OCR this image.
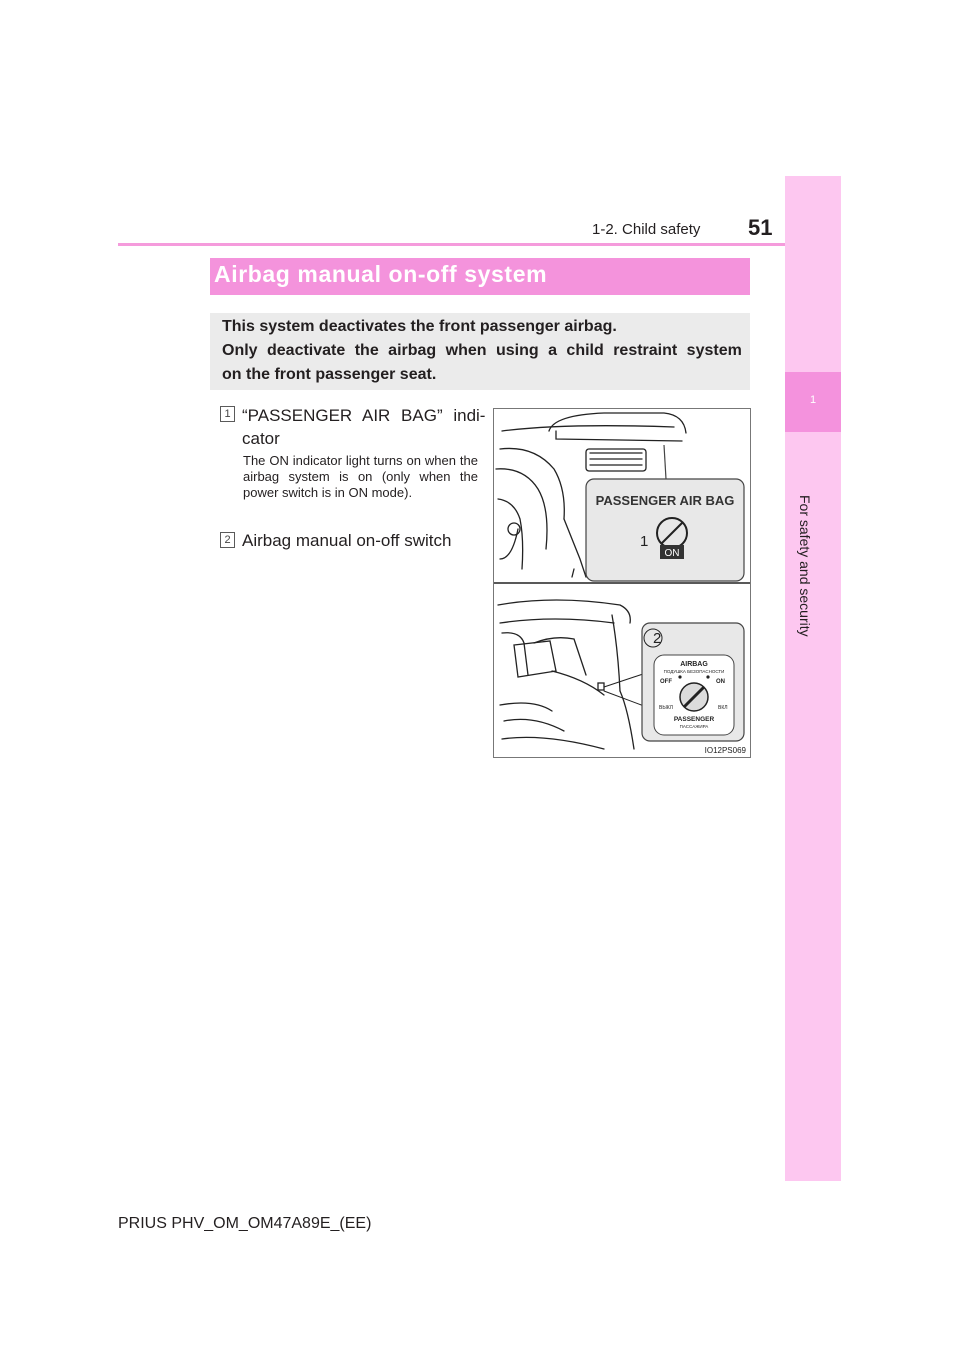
1
For safety and security
1-2. Child safety 51
Airbag manual on-off system
This system deactivates the front passenger airbag.
Only deactivate the airbag when using a child restraint system
on the front passenger seat.
1 “PASSENGER AIR BAG” indi-
cator
The ON indicator light turns on when the airbag system is on (only when the power switch is in ON mode).
2 Airbag manual on-off switch
PASSENGER AIR BAG
1
ON
2
AIRBAG
ПОДУШКА БЕЗОПАСНОСТИ
OFF	ON
ВЫКЛ	ВКЛ
PASSENGER
ПАССАЖИРА
IO12PS069
PRIUS PHV_OM_OM47A89E_(EE)
